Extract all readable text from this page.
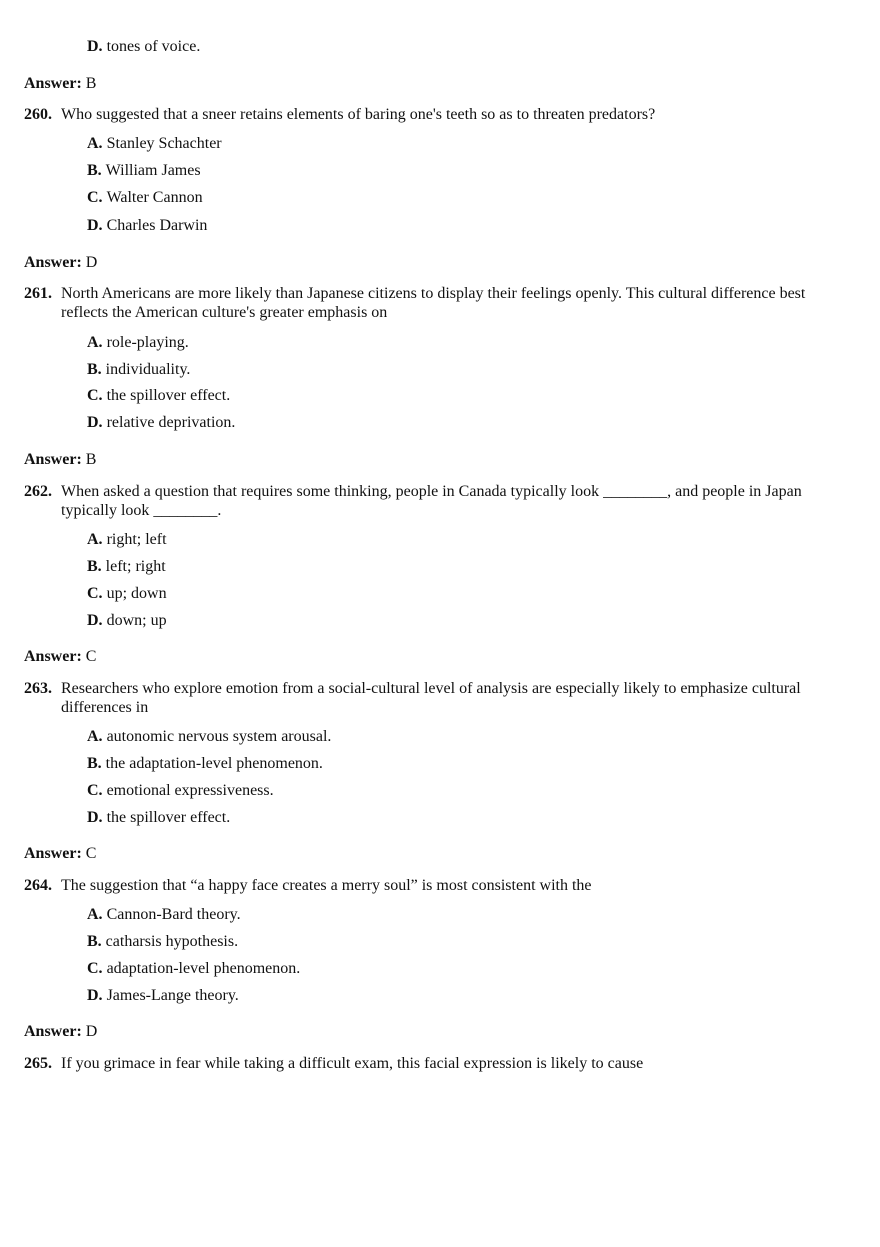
D. tones of voice.
Answer: B
260. Who suggested that a sneer retains elements of baring one's teeth so as to threaten predators?
A. Stanley Schachter
B. William James
C. Walter Cannon
D. Charles Darwin
Answer: D
261. North Americans are more likely than Japanese citizens to display their feelings openly. This cultural difference best reflects the American culture's greater emphasis on
A. role-playing.
B. individuality.
C. the spillover effect.
D. relative deprivation.
Answer: B
262. When asked a question that requires some thinking, people in Canada typically look ________, and people in Japan typically look ________.
A. right; left
B. left; right
C. up; down
D. down; up
Answer: C
263. Researchers who explore emotion from a social-cultural level of analysis are especially likely to emphasize cultural differences in
A. autonomic nervous system arousal.
B. the adaptation-level phenomenon.
C. emotional expressiveness.
D. the spillover effect.
Answer: C
264. The suggestion that “a happy face creates a merry soul” is most consistent with the
A. Cannon-Bard theory.
B. catharsis hypothesis.
C. adaptation-level phenomenon.
D. James-Lange theory.
Answer: D
265. If you grimace in fear while taking a difficult exam, this facial expression is likely to cause
